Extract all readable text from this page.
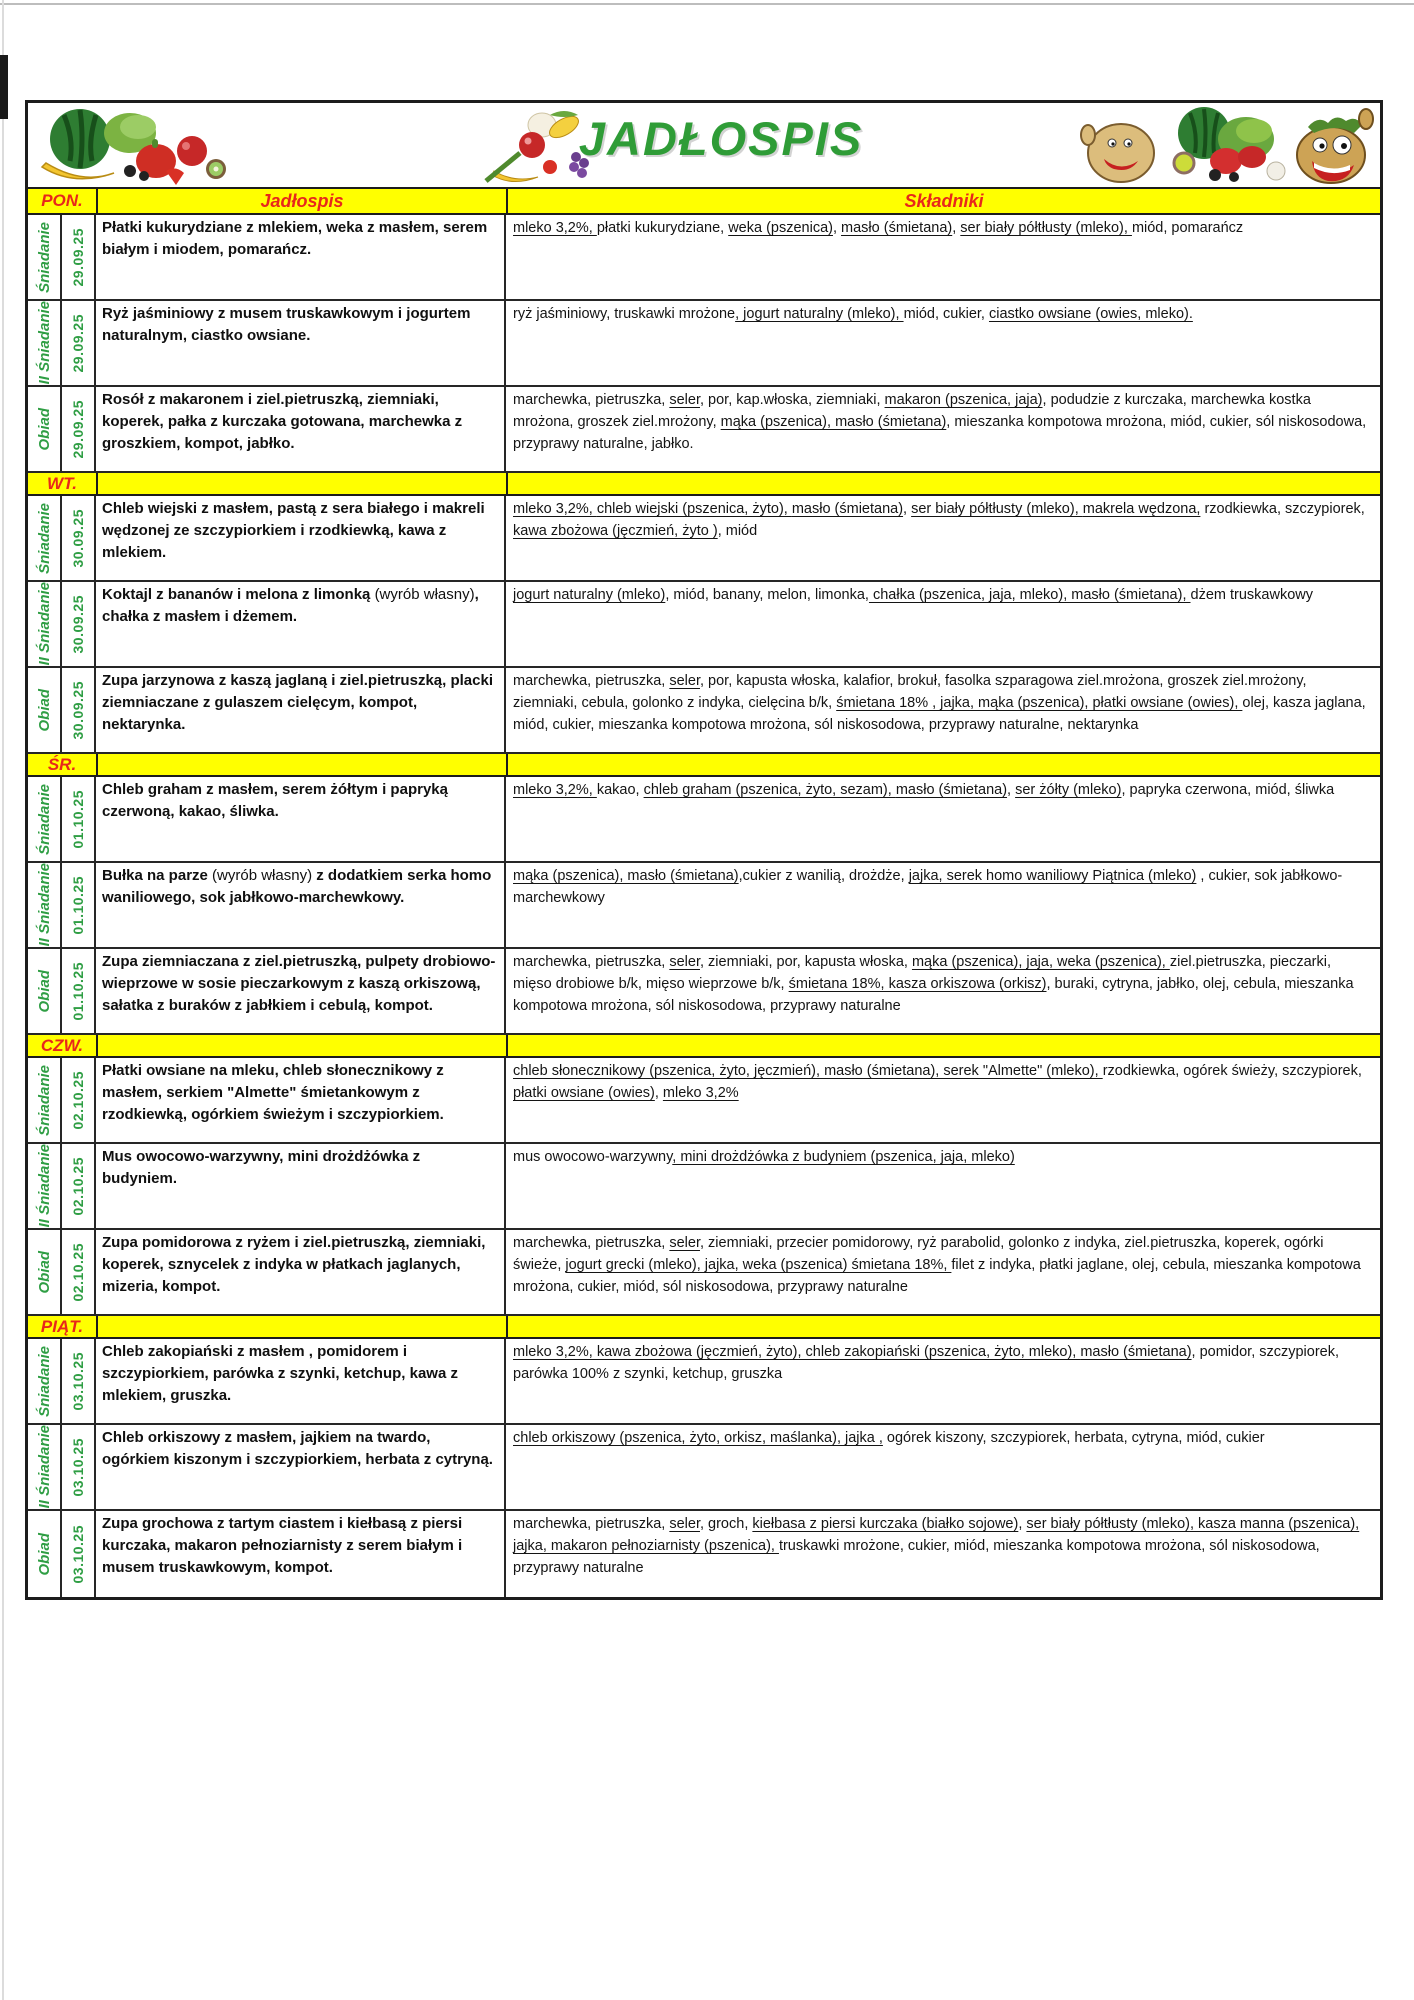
JADŁOSPIS
PON.	Jadłospis	Składniki
Śniadanie 29.09.25

Płatki kukurydziane z mlekiem, weka z masłem, serem białym i miodem, pomarańcz.

mleko 3,2%, płatki kukurydziane, weka (pszenica), masło (śmietana), ser biały półtłusty (mleko), miód, pomarańcz

II Śniadanie 29.09.25

Ryż jaśminiowy z musem truskawkowym i jogurtem naturalnym, ciastko owsiane.

ryż jaśminiowy, truskawki mrożone, jogurt naturalny (mleko), miód, cukier, ciastko owsiane (owies, mleko).

Obiad 29.09.25

Rosół z makaronem i ziel.pietruszką, ziemniaki, koperek, pałka z kurczaka gotowana, marchewka z groszkiem, kompot, jabłko.

marchewka, pietruszka, seler, por, kap.włoska, ziemniaki, makaron (pszenica, jaja), podudzie z kurczaka, marchewka kostka mrożona, groszek ziel.mrożony, mąka (pszenica), masło (śmietana), mieszanka kompotowa mrożona, miód, cukier, sól niskosodowa, przyprawy naturalne, jabłko.

WT.
Śniadanie 30.09.25

Chleb wiejski z masłem, pastą z sera białego i makreli wędzonej ze szczypiorkiem i rzodkiewką, kawa z mlekiem.

mleko 3,2%, chleb wiejski (pszenica, żyto), masło (śmietana), ser biały półtłusty (mleko), makrela wędzona, rzodkiewka, szczypiorek, kawa zbożowa (jęczmień, żyto ), miód

II Śniadanie 30.09.25

Koktajl z bananów i melona z limonką (wyrób własny), chałka z masłem i dżemem.

jogurt naturalny (mleko), miód, banany, melon, limonka, chałka (pszenica, jaja, mleko), masło (śmietana), dżem truskawkowy

Obiad 30.09.25

Zupa jarzynowa z kaszą jaglaną i ziel.pietruszką, placki ziemniaczane z gulaszem cielęcym, kompot, nektarynka.

marchewka, pietruszka, seler, por, kapusta włoska, kalafior, brokuł, fasolka szparagowa ziel.mrożona, groszek ziel.mrożony, ziemniaki, cebula, golonko z indyka, cielęcina b/k, śmietana 18% , jajka, mąka (pszenica), płatki owsiane (owies), olej, kasza jaglana, miód, cukier, mieszanka kompotowa mrożona, sól niskosodowa, przyprawy naturalne, nektarynka

ŚR.
Śniadanie 01.10.25

Chleb graham z masłem, serem żółtym i papryką czerwoną, kakao, śliwka.

mleko 3,2%, kakao, chleb graham (pszenica, żyto, sezam), masło (śmietana), ser żółty (mleko), papryka czerwona, miód, śliwka

II Śniadanie 01.10.25

Bułka na parze (wyrób własny) z dodatkiem serka homo waniliowego, sok jabłkowo-marchewkowy.

mąka (pszenica), masło (śmietana),cukier z wanilią, drożdże, jajka, serek homo waniliowy Piątnica (mleko) , cukier, sok jabłkowo-marchewkowy

Obiad 01.10.25

Zupa ziemniaczana z ziel.pietruszką, pulpety drobiowo-wieprzowe w sosie pieczarkowym z kaszą orkiszową, sałatka z buraków z jabłkiem i cebulą, kompot.

marchewka, pietruszka, seler, ziemniaki, por, kapusta włoska, mąka (pszenica), jaja, weka (pszenica), ziel.pietruszka, pieczarki, mięso drobiowe b/k, mięso wieprzowe b/k, śmietana 18%, kasza orkiszowa (orkisz), buraki, cytryna, jabłko, olej, cebula, mieszanka kompotowa mrożona, sól niskosodowa, przyprawy naturalne

CZW.
Śniadanie 02.10.25

Płatki owsiane na mleku, chleb słonecznikowy z masłem, serkiem "Almette" śmietankowym z rzodkiewką, ogórkiem świeżym i szczypiorkiem.

chleb słonecznikowy (pszenica, żyto, jęczmień), masło (śmietana), serek "Almette" (mleko), rzodkiewka, ogórek świeży, szczypiorek, płatki owsiane (owies), mleko 3,2%

II Śniadanie 02.10.25

Mus owocowo-warzywny, mini drożdżówka z budyniem.

mus owocowo-warzywny, mini drożdżówka z budyniem (pszenica, jaja, mleko)

Obiad 02.10.25

Zupa pomidorowa z ryżem i ziel.pietruszką, ziemniaki, koperek, sznycelek z indyka w płatkach jaglanych, mizeria, kompot.

marchewka, pietruszka, seler, ziemniaki, przecier pomidorowy, ryż parabolid, golonko z indyka, ziel.pietruszka, koperek, ogórki świeże, jogurt grecki (mleko), jajka, weka (pszenica) śmietana 18%, filet z indyka, płatki jaglane, olej, cebula, mieszanka kompotowa mrożona, cukier, miód, sól niskosodowa, przyprawy naturalne

PIĄT.
Śniadanie 03.10.25

Chleb zakopiański z masłem , pomidorem i szczypiorkiem, parówka z szynki, ketchup, kawa z mlekiem, gruszka.

mleko 3,2%, kawa zbożowa (jęczmień, żyto), chleb zakopiański (pszenica, żyto, mleko), masło (śmietana), pomidor, szczypiorek, parówka 100% z szynki, ketchup, gruszka

II Śniadanie 03.10.25

Chleb orkiszowy z masłem, jajkiem na twardo, ogórkiem kiszonym i szczypiorkiem, herbata z cytryną.

chleb orkiszowy (pszenica, żyto, orkisz, maślanka), jajka , ogórek kiszony, szczypiorek, herbata, cytryna, miód, cukier

Obiad 03.10.25

Zupa grochowa z tartym ciastem i kiełbasą z piersi kurczaka, makaron pełnoziarnisty z serem białym i musem truskawkowym, kompot.

marchewka, pietruszka, seler, groch, kiełbasa z piersi kurczaka (białko sojowe), ser biały półtłusty (mleko), kasza manna (pszenica), jajka, makaron pełnoziarnisty (pszenica), truskawki mrożone, cukier, miód, mieszanka kompotowa mrożona, sól niskosodowa, przyprawy naturalne
